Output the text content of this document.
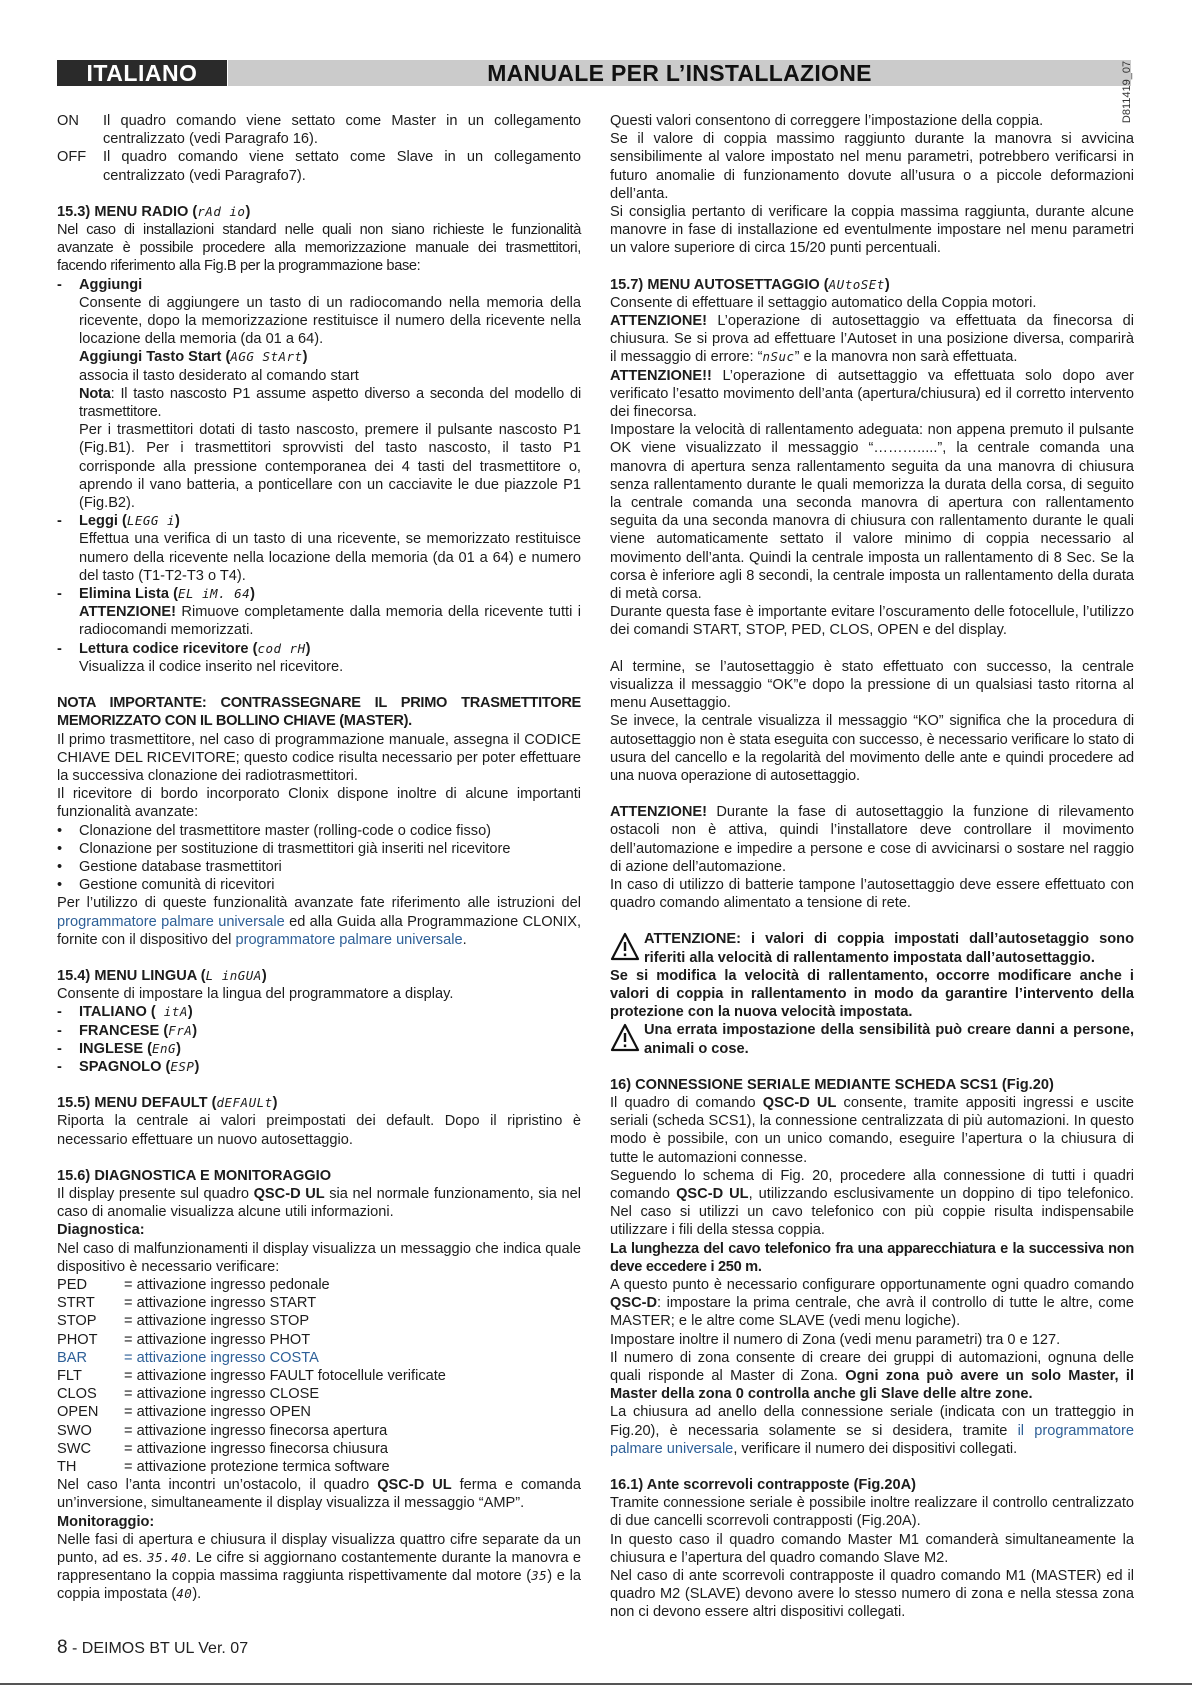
ITALIANO	MANUALE PER L’INSTALLAZIONE	D811419_07
ON	Il quadro comando viene settato come Master in un collegamento centralizzato (vedi Paragrafo 16).
OFF	Il quadro comando viene settato come Slave in un collegamento centralizzato (vedi Paragrafo7).

15.3) MENU RADIO (rAd io)

Nel caso di installazioni standard nelle quali non siano richieste le funzionalità avanzate è possibile procedere alla memorizzazione manuale dei trasmettitori, facendo riferimento alla Fig.B per la programmazione base:

-	Aggiungi

Consente di aggiungere un tasto di un radiocomando nella memoria della ricevente, dopo la memorizzazione restituisce il numero della ricevente nella locazione della memoria (da 01 a 64).

Aggiungi Tasto Start (AGG StArt)

associa il tasto desiderato al comando start

Nota: Il tasto nascosto P1 assume aspetto diverso a seconda del modello di trasmettitore.

Per i trasmettitori dotati di tasto nascosto, premere il pulsante nascosto P1 (Fig.B1). Per i trasmettitori sprovvisti del tasto nascosto, il tasto P1 corrisponde alla pressione contemporanea dei 4 tasti del trasmettitore o, aprendo il vano batteria, a ponticellare con un cacciavite le due piazzole P1 (Fig.B2).

-	Leggi (LEGG i)

Effettua una verifica di un tasto di una ricevente, se memorizzato restituisce numero della ricevente nella locazione della memoria (da 01 a 64) e numero del tasto (T1-T2-T3 o T4).

-	Elimina Lista (EL iM. 64)

ATTENZIONE! Rimuove completamente dalla memoria della ricevente tutti i radiocomandi memorizzati.

-	Lettura codice ricevitore (cod rH)

Visualizza il codice inserito nel ricevitore.

NOTA IMPORTANTE: CONTRASSEGNARE IL PRIMO TRASMETTITORE MEMORIZZATO CON IL BOLLINO CHIAVE (MASTER).

Il primo trasmettitore, nel caso di programmazione manuale, assegna il CODICE CHIAVE DEL RICEVITORE; questo codice risulta necessario per poter effettuare la successiva clonazione dei radiotrasmettitori.

Il ricevitore di bordo incorporato Clonix dispone inoltre di alcune importanti funzionalità avanzate:

•	Clonazione del trasmettitore master (rolling-code o codice fisso)
•	Clonazione per sostituzione di trasmettitori già inseriti nel ricevitore
•	Gestione database trasmettitori
•	Gestione comunità di ricevitori

Per l’utilizzo di queste funzionalità avanzate fate riferimento alle istruzioni del programmatore palmare universale ed alla Guida alla Programmazione CLONIX, fornite con il dispositivo del programmatore palmare universale.

15.4) MENU LINGUA (L inGUA)

Consente di impostare la lingua del programmatore a display.

-	ITALIANO ( itA)
-	FRANCESE (FrA)
-	INGLESE (EnG)
-	SPAGNOLO (ESP)

15.5) MENU DEFAULT (dEFAULt)

Riporta la centrale ai valori preimpostati dei default. Dopo il ripristino è necessario effettuare un nuovo autosettaggio.

15.6) DIAGNOSTICA E MONITORAGGIO

Il display presente sul quadro QSC-D UL sia nel normale funzionamento, sia nel caso di anomalie visualizza alcune utili informazioni.

Diagnostica:

Nel caso di malfunzionamenti il display visualizza un messaggio che indica quale dispositivo è necessario verificare:

PED	= attivazione ingresso pedonale
STRT	= attivazione ingresso START
STOP	= attivazione ingresso STOP
PHOT	= attivazione ingresso PHOT
BAR	= attivazione ingresso COSTA
FLT	= attivazione ingresso FAULT fotocellule verificate
CLOS	= attivazione ingresso CLOSE
OPEN	= attivazione ingresso OPEN
SWO	= attivazione ingresso finecorsa apertura
SWC	= attivazione ingresso finecorsa chiusura
TH	= attivazione protezione termica software

Nel caso l’anta incontri un’ostacolo, il quadro QSC-D UL ferma e comanda un’inversione, simultaneamente il display visualizza il messaggio “AMP”.

Monitoraggio:

Nelle fasi di apertura e chiusura il display visualizza quattro cifre separate da un punto, ad es. 35.40. Le cifre si aggiornano costantemente durante la manovra e rappresentano la coppia massima raggiunta rispettivamente dal motore (35) e la coppia impostata (40).

Questi valori consentono di correggere l’impostazione della coppia.

Se il valore di coppia massimo raggiunto durante la manovra si avvicina sensibilimente al valore impostato nel menu parametri, potrebbero verificarsi in futuro anomalie di funzionamento dovute all’usura o a piccole deformazioni dell’anta.

Si consiglia pertanto di verificare la coppia massima raggiunta, durante alcune manovre in fase di installazione ed eventulmente impostare nel menu parametri un valore superiore di circa 15/20 punti percentuali.

15.7) MENU AUTOSETTAGGIO (AUtoSEt)

Consente di effettuare il settaggio automatico della Coppia motori.

ATTENZIONE! L’operazione di autosettaggio va effettuata da finecorsa di chiusura. Se si prova ad effettuare l’Autoset in una posizione diversa, comparirà il messaggio di errore: “nSuc” e la manovra non sarà effettuata.

ATTENZIONE!! L’operazione di autsettaggio va effettuata solo dopo aver verificato l’esatto movimento dell’anta (apertura/chiusura) ed il corretto intervento dei finecorsa.

Impostare la velocità di rallentamento adeguata: non appena premuto il pulsante OK viene visualizzato il messaggio “……….....”, la centrale comanda una manovra di apertura senza rallentamento seguita da una manovra di chiusura senza rallentamento durante le quali memorizza la durata della corsa, di seguito la centrale comanda una seconda manovra di apertura con rallentamento seguita da una seconda manovra di chiusura con rallentamento durante le quali viene automaticamente settato il valore minimo di coppia necessario al movimento dell’anta. Quindi la centrale imposta un rallentamento di 8 Sec. Se la corsa è inferiore agli 8 secondi, la centrale imposta un rallentamento della durata di metà corsa.

Durante questa fase è importante evitare l’oscuramento delle fotocellule, l’utilizzo dei comandi START, STOP, PED, CLOS, OPEN e del display.

Al termine, se l’autosettaggio è stato effettuato con successo, la centrale visualizza il messaggio “OK”e dopo la pressione di un qualsiasi tasto ritorna al menu Ausettaggio.

Se invece, la centrale visualizza il messaggio “KO” significa che la procedura di autosettaggio non è stata eseguita con successo, è necessario verificare lo stato di usura del cancello e la regolarità del movimento delle ante e quindi procedere ad una nuova operazione di autosettaggio.

ATTENZIONE! Durante la fase di autosettaggio la funzione di rilevamento ostacoli non è attiva, quindi l’installatore deve controllare il movimento dell’automazione e impedire a persone e cose di avvicinarsi o sostare nel raggio di azione dell’automazione.

In caso di utilizzo di batterie tampone l’autosettaggio deve essere effettuato con quadro comando alimentato a tensione di rete.

ATTENZIONE: i valori di coppia impostati dall’autosetaggio sono riferiti alla velocità di rallentamento impostata dall’autosettaggio.

Se si modifica la velocità di rallentamento, occorre modificare anche i valori di coppia in rallentamento in modo da garantire l’intervento della protezione con la nuova velocità impostata.

Una errata impostazione della sensibilità può creare danni a persone, animali o cose.

16) CONNESSIONE SERIALE MEDIANTE SCHEDA SCS1 (Fig.20)

Il quadro di comando QSC-D UL consente, tramite appositi ingressi e uscite seriali (scheda SCS1), la connessione centralizzata di più automazioni. In questo modo è possibile, con un unico comando, eseguire l’apertura o la chiusura di tutte le automazioni connesse.

Seguendo lo schema di Fig. 20, procedere alla connessione di tutti i quadri comando QSC-D UL, utilizzando esclusivamente un doppino di tipo telefonico. Nel caso si utilizzi un cavo telefonico con più coppie risulta indispensabile utilizzare i fili della stessa coppia.

La lunghezza del cavo telefonico fra una apparecchiatura e la successiva non deve eccedere i 250 m.

A questo punto è necessario configurare opportunamente ogni quadro comando QSC-D: impostare la prima centrale, che avrà il controllo di tutte le altre, come MASTER; e le altre come SLAVE (vedi menu logiche).

Impostare inoltre il numero di Zona (vedi menu parametri) tra 0 e 127.

Il numero di zona consente di creare dei gruppi di automazioni, ognuna delle quali risponde al Master di Zona. Ogni zona può avere un solo Master, il Master della zona 0 controlla anche gli Slave delle altre zone.

La chiusura ad anello della connessione seriale (indicata con un tratteggio in Fig.20), è necessaria solamente se si desidera, tramite il programmatore palmare universale, verificare il numero dei dispositivi collegati.

16.1) Ante scorrevoli contrapposte (Fig.20A)

Tramite connessione seriale è possibile inoltre realizzare il controllo centralizzato di due cancelli scorrevoli contrapposti (Fig.20A).

In questo caso il quadro comando Master M1 comanderà simultaneamente la chiusura e l’apertura del quadro comando Slave M2.

Nel caso di ante scorrevoli contrapposte il quadro comando M1 (MASTER) ed il quadro M2 (SLAVE) devono avere lo stesso numero di zona e nella stessa zona non ci devono essere altri dispositivi collegati.

8 - DEIMOS BT UL Ver. 07
